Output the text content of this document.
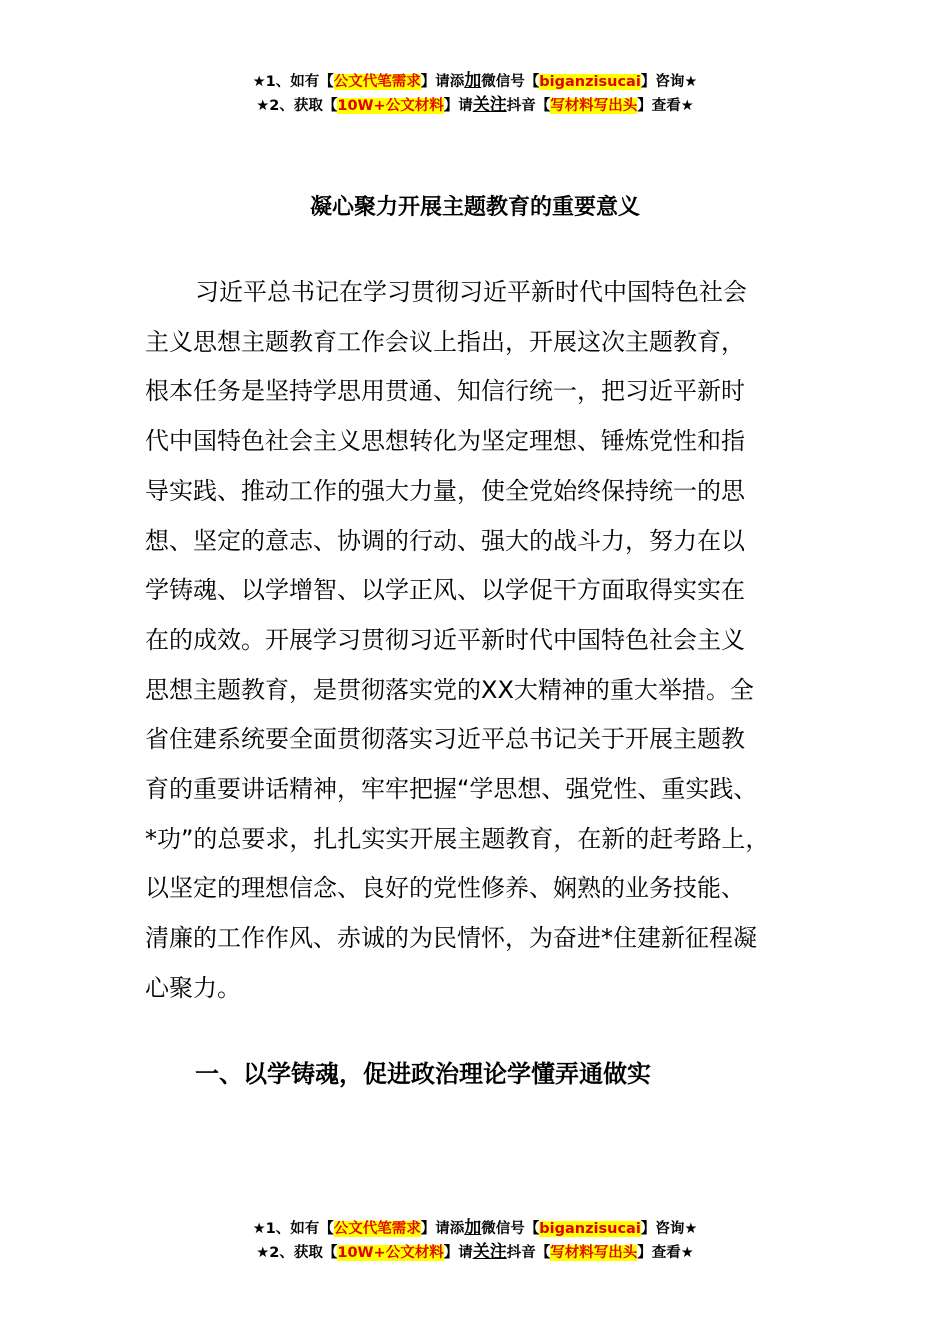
★1、如有【公文代笔需求】请添加微信号【biganzisucai】咨询★
★2、获取【10W+公文材料】请关注抖音【写材料写出头】查看★
凝心聚力开展主题教育的重要意义
习近平总书记在学习贯彻习近平新时代中国特色社会
主义思想主题教育工作会议上指出，开展这次主题教育，
根本任务是坚持学思用贯通、知信行统一，把习近平新时
代中国特色社会主义思想转化为坚定理想、锤炼党性和指
导实践、推动工作的强大力量，使全党始终保持统一的思
想、坚定的意志、协调的行动、强大的战斗力，努力在以
学铸魂、以学增智、以学正风、以学促干方面取得实实在
在的成效。开展学习贯彻习近平新时代中国特色社会主义
思想主题教育，是贯彻落实党的XX大精神的重大举措。全
省住建系统要全面贯彻落实习近平总书记关于开展主题教
育的重要讲话精神，牢牢把握“学思想、强党性、重实践、
*功”的总要求，扎扎实实开展主题教育，在新的赶考路上，
以坚定的理想信念、良好的党性修养、娴熟的业务技能、
清廉的工作作风、赤诚的为民情怀，为奋进*住建新征程凝
心聚力。
一、以学铸魂，促进政治理论学懂弄通做实
★1、如有【公文代笔需求】请添加微信号【biganzisucai】咨询★
★2、获取【10W+公文材料】请关注抖音【写材料写出头】查看★
